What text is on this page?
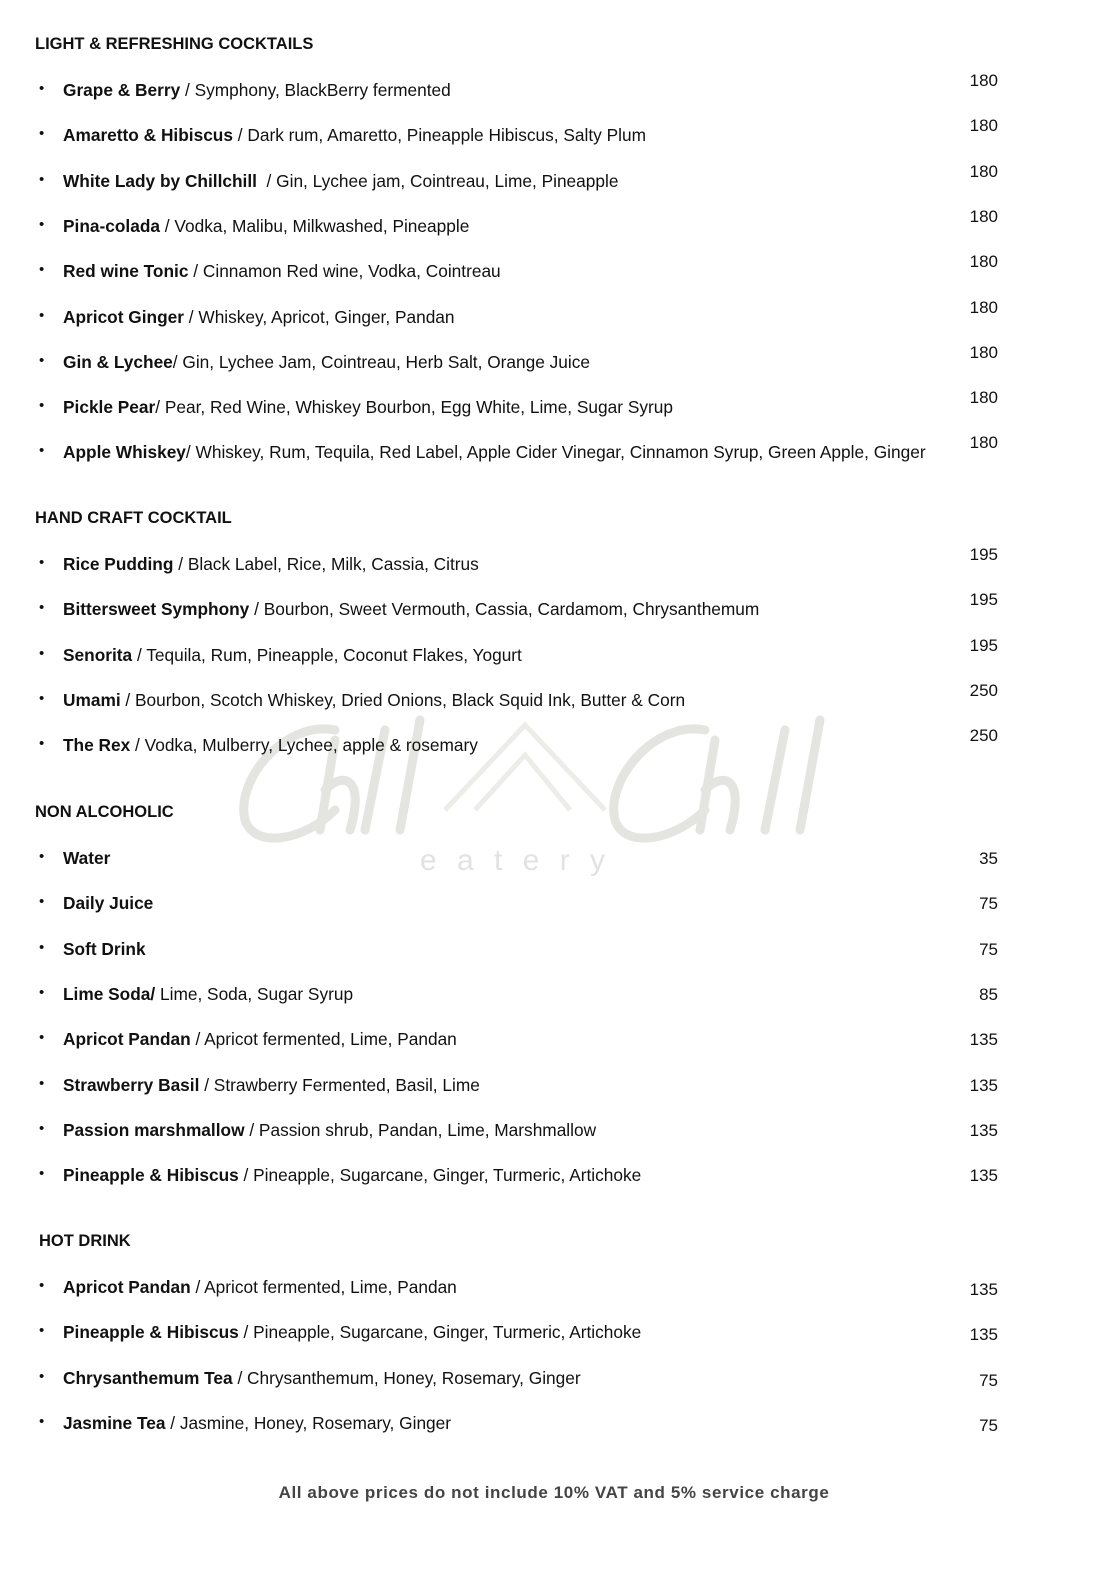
e a t e r y
LIGHT & REFRESHING COCKTAILS
• Grape & Berry / Symphony, BlackBerry fermented	180
• Amaretto & Hibiscus / Dark rum, Amaretto, Pineapple Hibiscus, Salty Plum	180
• White Lady by Chillchill  / Gin, Lychee jam, Cointreau, Lime, Pineapple	180
• Pina-colada / Vodka, Malibu, Milkwashed, Pineapple	180
• Red wine Tonic / Cinnamon Red wine, Vodka, Cointreau	180
• Apricot Ginger / Whiskey, Apricot, Ginger, Pandan	180
• Gin & Lychee/ Gin, Lychee Jam, Cointreau, Herb Salt, Orange Juice	180
• Pickle Pear/ Pear, Red Wine, Whiskey Bourbon, Egg White, Lime, Sugar Syrup	180
• Apple Whiskey/ Whiskey, Rum, Tequila, Red Label, Apple Cider Vinegar, Cinnamon Syrup, Green Apple, Ginger	180
HAND CRAFT COCKTAIL
• Rice Pudding / Black Label, Rice, Milk, Cassia, Citrus	195
• Bittersweet Symphony / Bourbon, Sweet Vermouth, Cassia, Cardamom, Chrysanthemum	195
• Senorita / Tequila, Rum, Pineapple, Coconut Flakes, Yogurt	195
• Umami / Bourbon, Scotch Whiskey, Dried Onions, Black Squid Ink, Butter & Corn	250
• The Rex / Vodka, Mulberry, Lychee, apple & rosemary	250
NON ALCOHOLIC
• Water	35
• Daily Juice	75
• Soft Drink	75
• Lime Soda/ Lime, Soda, Sugar Syrup	85
• Apricot Pandan / Apricot fermented, Lime, Pandan	135
• Strawberry Basil / Strawberry Fermented, Basil, Lime	135
• Passion marshmallow / Passion shrub, Pandan, Lime, Marshmallow	135
• Pineapple & Hibiscus / Pineapple, Sugarcane, Ginger, Turmeric, Artichoke	135
HOT DRINK
• Apricot Pandan / Apricot fermented, Lime, Pandan	135
• Pineapple & Hibiscus / Pineapple, Sugarcane, Ginger, Turmeric, Artichoke	135
• Chrysanthemum Tea / Chrysanthemum, Honey, Rosemary, Ginger	75
• Jasmine Tea / Jasmine, Honey, Rosemary, Ginger	75
All above prices do not include 10% VAT and 5% service charge
